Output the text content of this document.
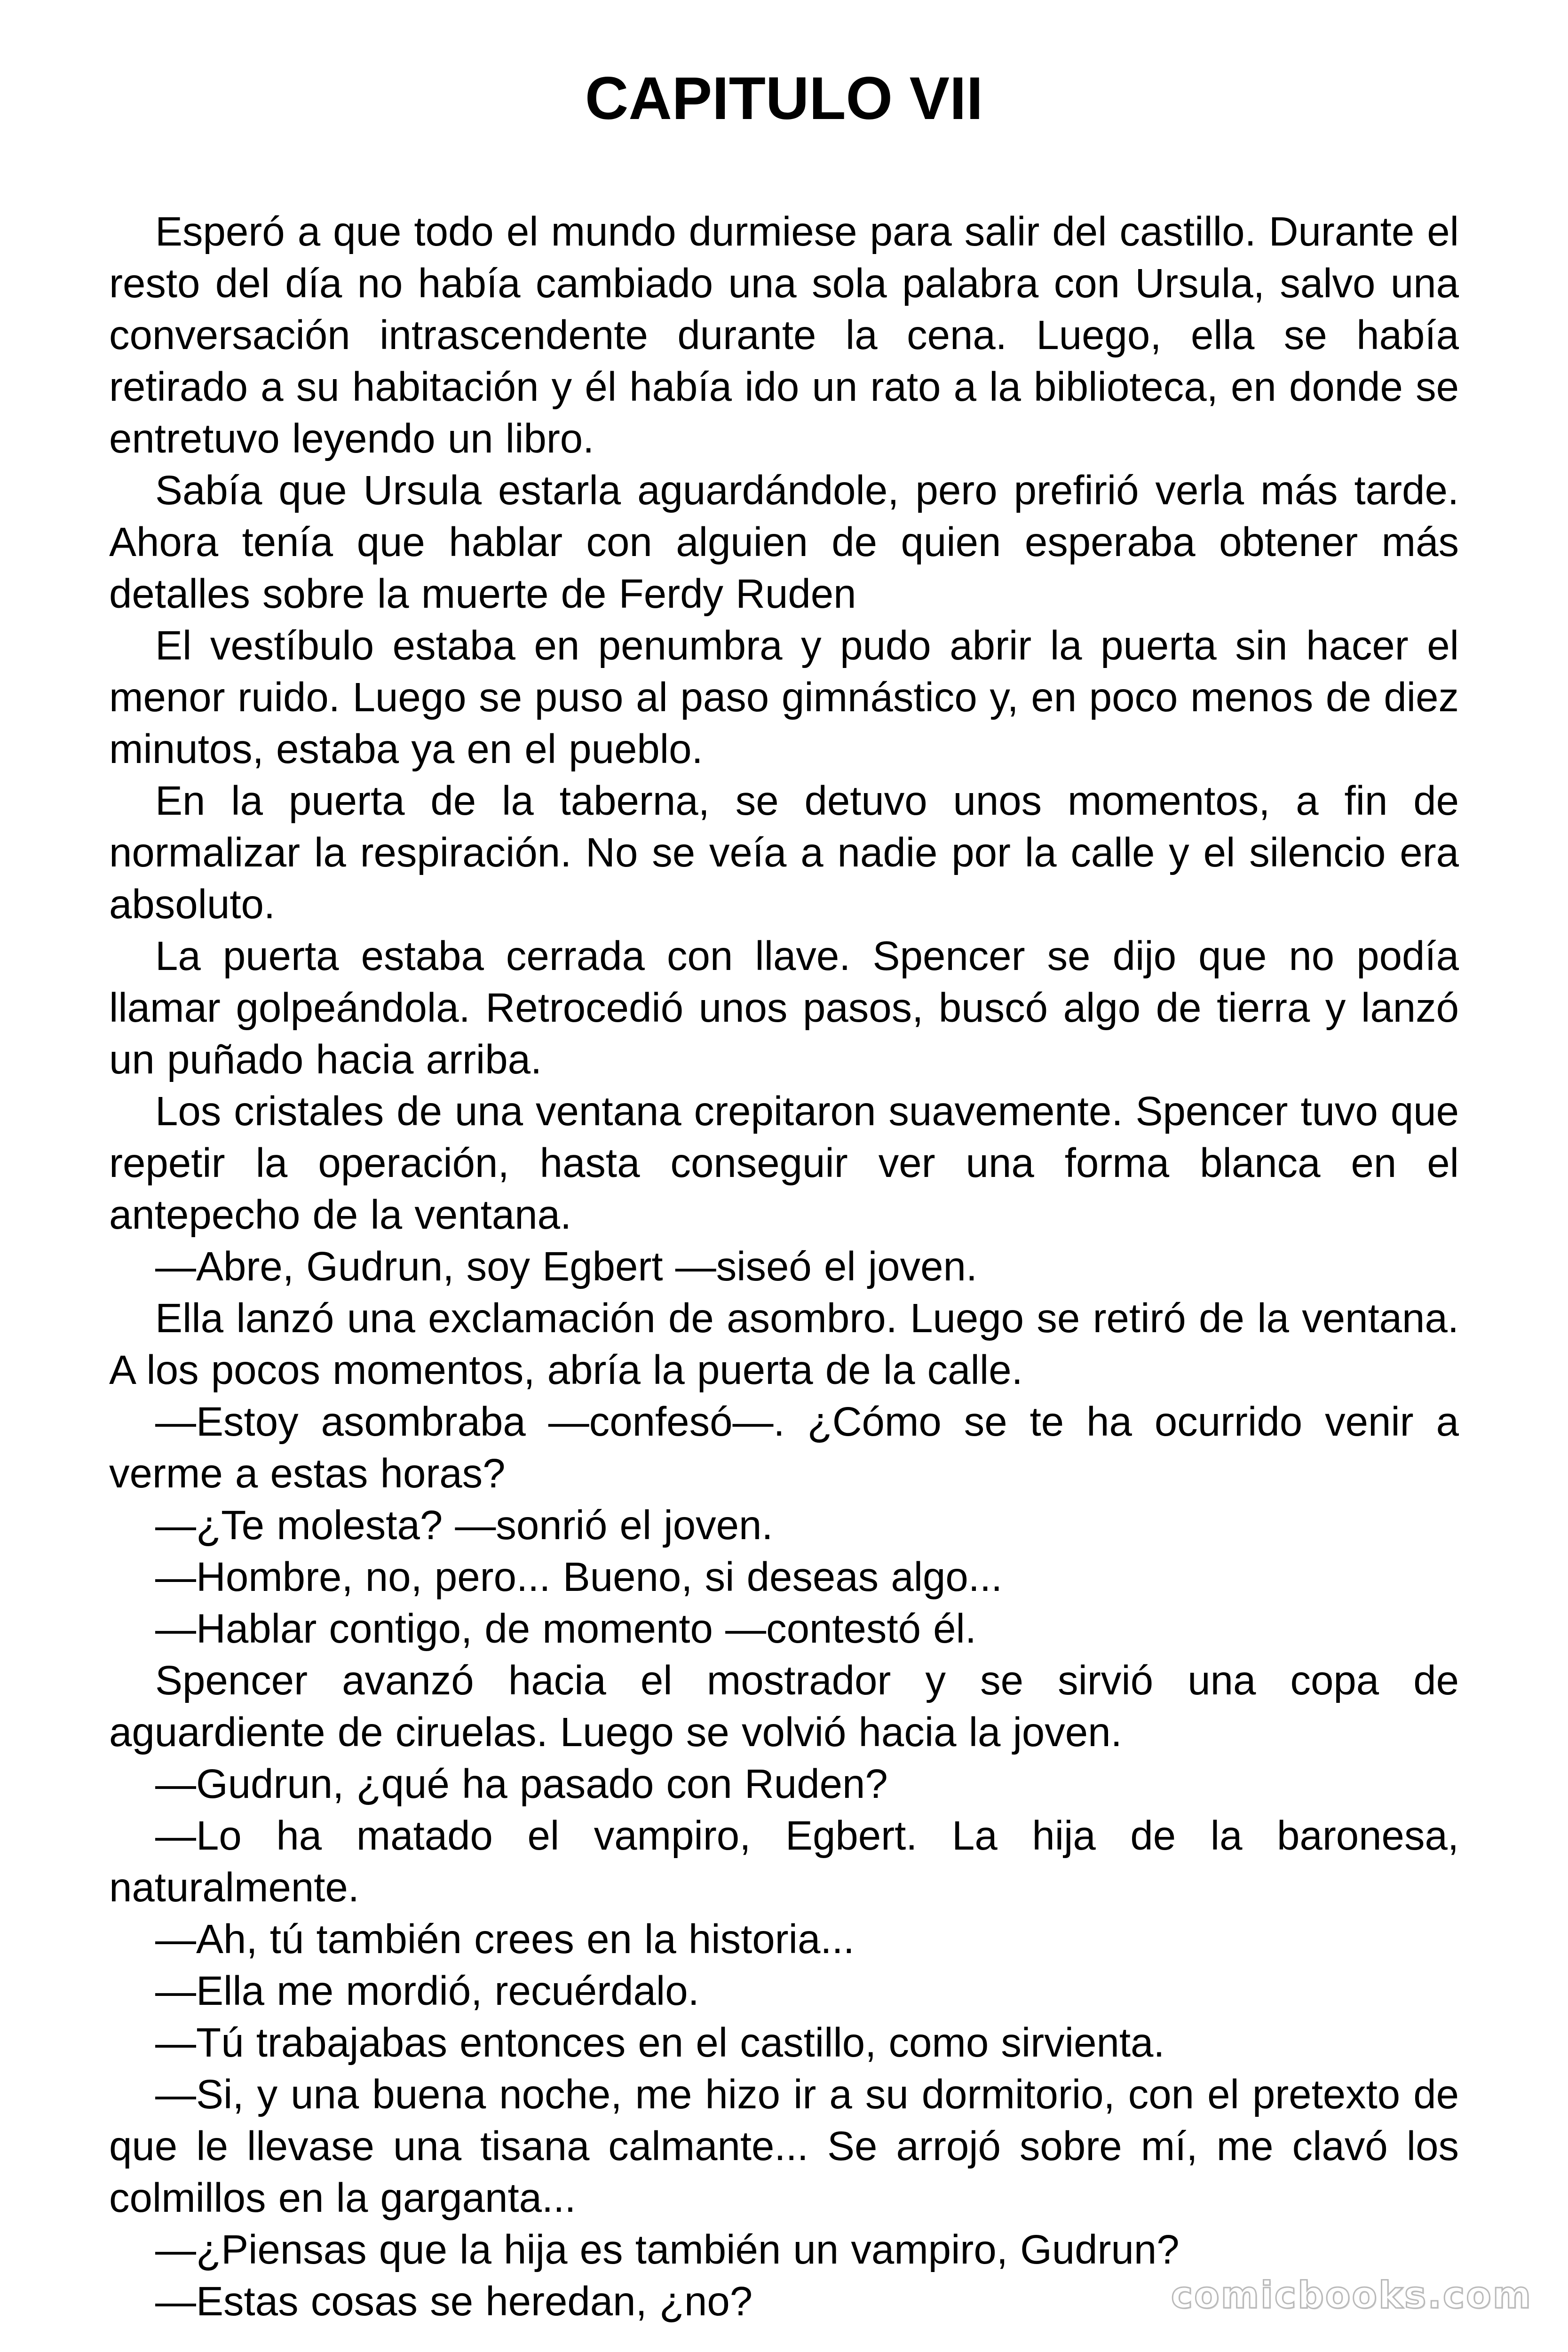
CAPITULO VII

Esperó a que todo el mundo durmiese para salir del castillo. Durante el resto del día no había cambiado una sola palabra con Ursula, salvo una conversación intrascendente durante la cena. Luego, ella se había retirado a su habitación y él había ido un rato a la biblioteca, en donde se entretuvo leyendo un libro.

Sabía que Ursula estarla aguardándole, pero prefirió verla más tarde. Ahora tenía que hablar con alguien de quien esperaba obtener más detalles sobre la muerte de Ferdy Ruden

El vestíbulo estaba en penumbra y pudo abrir la puerta sin hacer el menor ruido. Luego se puso al paso gimnástico y, en poco menos de diez minutos, estaba ya en el pueblo.

En la puerta de la taberna, se detuvo unos momentos, a fin de normalizar la respiración. No se veía a nadie por la calle y el silencio era absoluto.

La puerta estaba cerrada con llave. Spencer se dijo que no podía llamar golpeándola. Retrocedió unos pasos, buscó algo de tierra y lanzó un puñado hacia arriba.

Los cristales de una ventana crepitaron suavemente. Spencer tuvo que repetir la operación, hasta conseguir ver una forma blanca en el antepecho de la ventana.

—Abre, Gudrun, soy Egbert —siseó el joven.

Ella lanzó una exclamación de asombro. Luego se retiró de la ventana. A los pocos momentos, abría la puerta de la calle.

—Estoy asombraba —confesó—. ¿Cómo se te ha ocurrido venir a verme a estas horas?

—¿Te molesta? —sonrió el joven.

—Hombre, no, pero... Bueno, si deseas algo...

—Hablar contigo, de momento —contestó él.

Spencer avanzó hacia el mostrador y se sirvió una copa de aguardiente de ciruelas. Luego se volvió hacia la joven.

—Gudrun, ¿qué ha pasado con Ruden?

—Lo ha matado el vampiro, Egbert. La hija de la baronesa, naturalmente.

—Ah, tú también crees en la historia...

—Ella me mordió, recuérdalo.

—Tú trabajabas entonces en el castillo, como sirvienta.

—Si, y una buena noche, me hizo ir a su dormitorio, con el pretexto de que le llevase una tisana calmante... Se arrojó sobre mí, me clavó los colmillos en la garganta...

—¿Piensas que la hija es también un vampiro, Gudrun?

—Estas cosas se heredan, ¿no?	comicbooks.com
